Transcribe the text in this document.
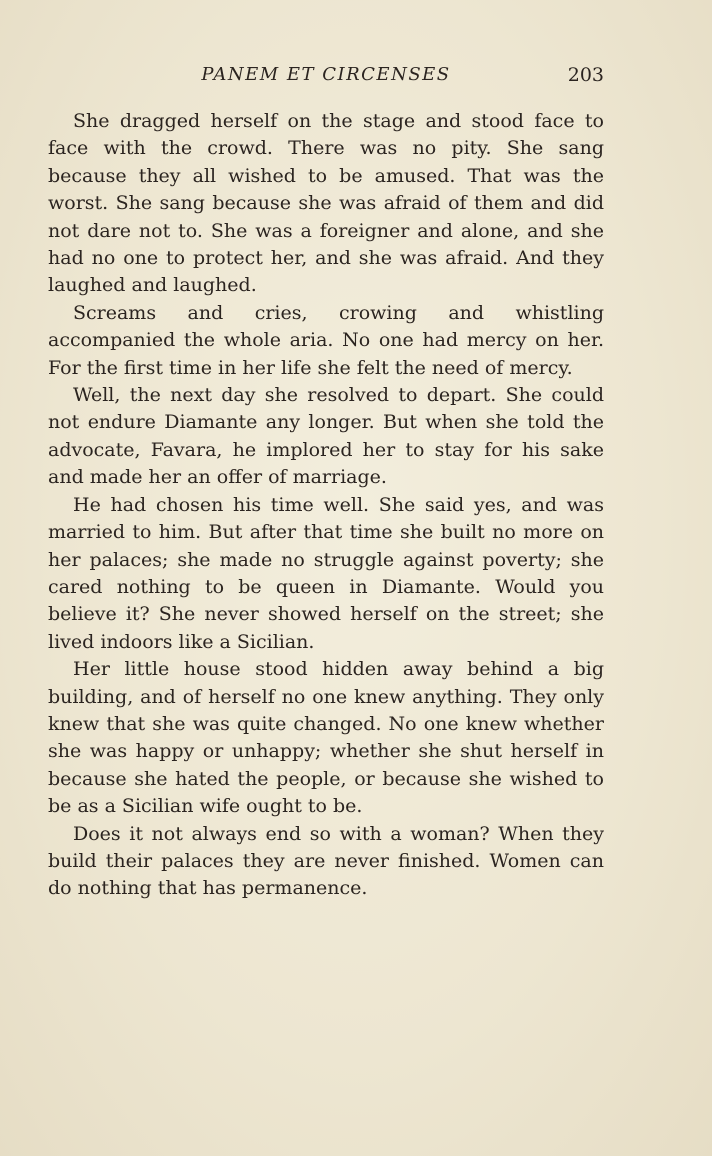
PANEM ET CIRCENSES	203

She dragged herself on the stage and stood face to face with the crowd. There was no pity. She sang because they all wished to be amused. That was the worst. She sang because she was afraid of them and did not dare not to. She was a foreigner and alone, and she had no one to protect her, and she was afraid. And they laughed and laughed.

Screams and cries, crowing and whistling accompanied the whole aria. No one had mercy on her. For the first time in her life she felt the need of mercy.

Well, the next day she resolved to depart. She could not endure Diamante any longer. But when she told the advocate, Favara, he implored her to stay for his sake and made her an offer of marriage.

He had chosen his time well. She said yes, and was married to him. But after that time she built no more on her palaces; she made no struggle against poverty; she cared nothing to be queen in Diamante. Would you believe it? She never showed herself on the street; she lived indoors like a Sicilian.

Her little house stood hidden away behind a big building, and of herself no one knew anything. They only knew that she was quite changed. No one knew whether she was happy or unhappy; whether she shut herself in because she hated the people, or because she wished to be as a Sicilian wife ought to be.

Does it not always end so with a woman? When they build their palaces they are never finished. Women can do nothing that has permanence.
